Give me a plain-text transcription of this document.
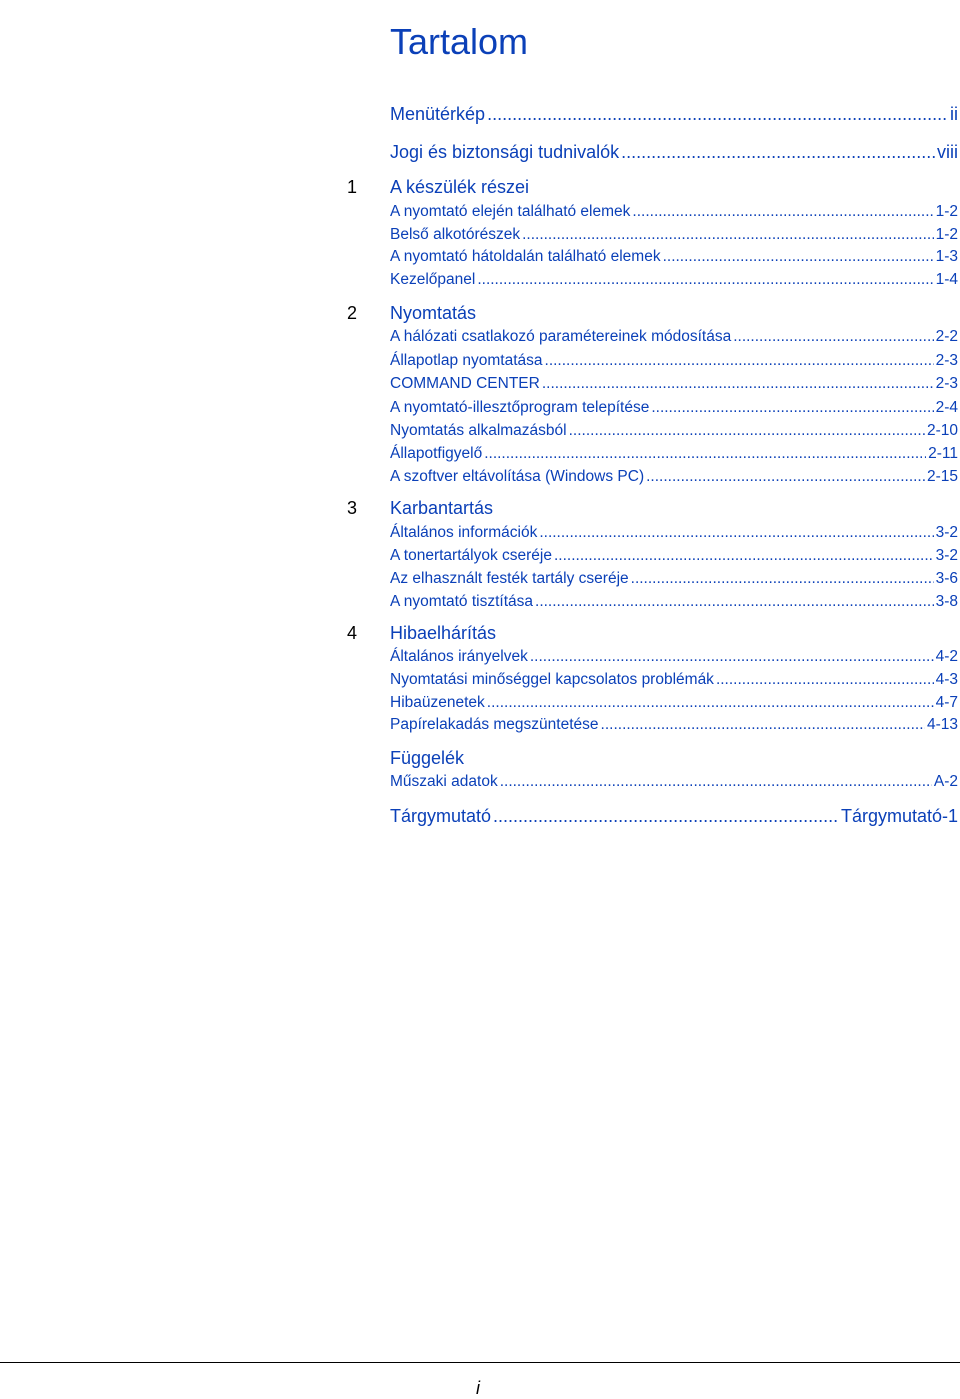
Tartalom
Menütérkép .....	ii
Jogi és biztonsági tudnivalók .....	viii
1 A készülék részei
A nyomtató elején található elemek .....	1-2
Belső alkotórészek .....	1-2
A nyomtató hátoldalán található elemek .....	1-3
Kezelőpanel .....	1-4
2 Nyomtatás
A hálózati csatlakozó paramétereinek módosítása .....	2-2
Állapotlap nyomtatása .....	2-3
COMMAND CENTER .....	2-3
A nyomtató-illesztőprogram telepítése .....	2-4
Nyomtatás alkalmazásból .....	2-10
Állapotfigyelő .....	2-11
A szoftver eltávolítása (Windows PC) .....	2-15
3 Karbantartás
Általános információk .....	3-2
A tonertartályok cseréje .....	3-2
Az elhasznált festék tartály cseréje .....	3-6
A nyomtató tisztítása .....	3-8
4 Hibaelhárítás
Általános irányelvek .....	4-2
Nyomtatási minőséggel kapcsolatos problémák .....	4-3
Hibaüzenetek .....	4-7
Papírelakadás megszüntetése .....	4-13
Függelék
Műszaki adatok .....	A-2
Tárgymutató .....	Tárgymutató-1
i
